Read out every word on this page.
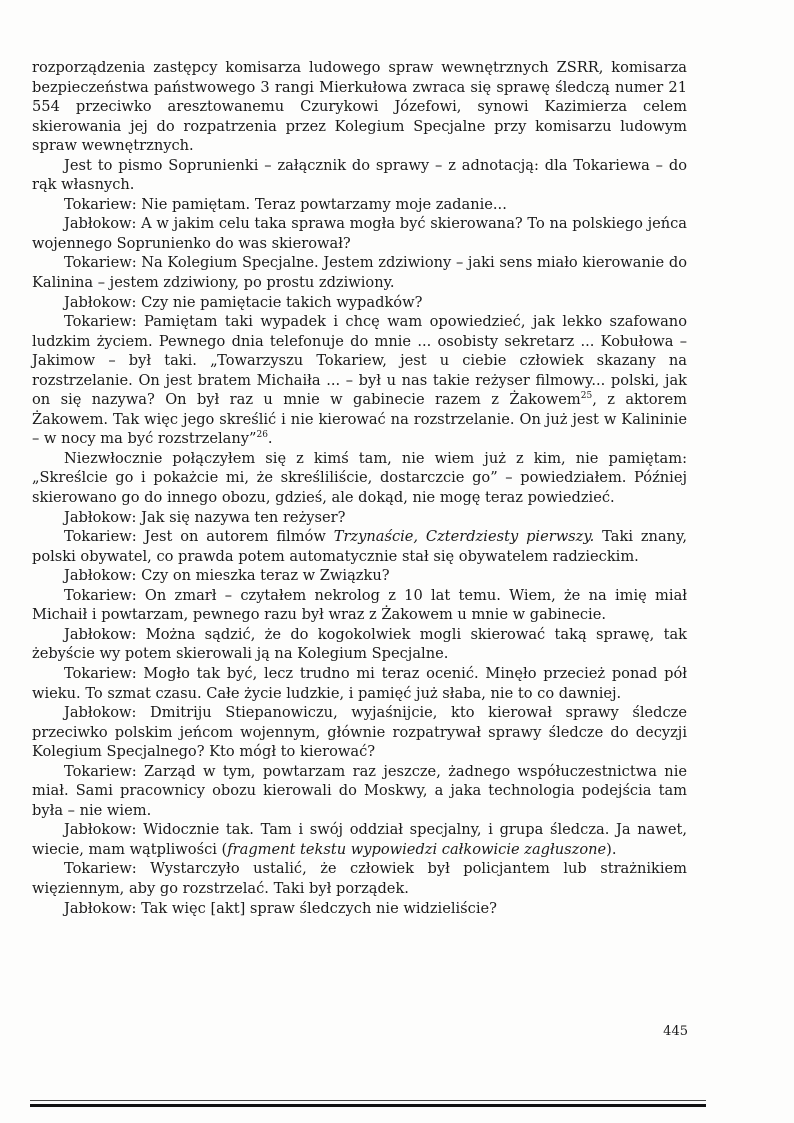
rozporządzenia zastępcy komisarza ludowego spraw wewnętrznych ZSRR, komisarza bezpieczeństwa państwowego 3 rangi Mierkułowa zwraca się sprawę śledczą numer 21 554 przeciwko aresztowanemu Czurykowi Józefowi, synowi Kazimierza celem skierowania jej do rozpatrzenia przez Kolegium Specjalne przy komisarzu ludowym spraw wewnętrznych.

Jest to pismo Soprunienki – załącznik do sprawy – z adnotacją: dla Tokariewa – do rąk własnych.

Tokariew: Nie pamiętam. Teraz powtarzamy moje zadanie...

Jabłokow: A w jakim celu taka sprawa mogła być skierowana? To na polskiego jeńca wojennego Soprunienko do was skierował?

Tokariew: Na Kolegium Specjalne. Jestem zdziwiony – jaki sens miało kierowanie do Kalinina – jestem zdziwiony, po prostu zdziwiony.

Jabłokow: Czy nie pamiętacie takich wypadków?

Tokariew: Pamiętam taki wypadek i chcę wam opowiedzieć, jak lekko szafowano ludzkim życiem. Pewnego dnia telefonuje do mnie ... osobisty sekretarz ... Kobułowa – Jakimow – był taki. „Towarzyszu Tokariew, jest u ciebie człowiek skazany na rozstrzelanie. On jest bratem Michaiła ... – był u nas takie reżyser filmowy... polski, jak on się nazywa? On był raz u mnie w gabinecie razem z Żakowem$^{25}$, z aktorem Żakowem. Tak więc jego skreślić i nie kierować na rozstrzelanie. On już jest w Kalininie – w nocy ma być rozstrzelany”$^{26}$.

Niezwłocznie połączyłem się z kimś tam, nie wiem już z kim, nie pamiętam: „Skreślcie go i pokażcie mi, że skreśliliście, dostarczcie go” – powiedziałem. Później skierowano go do innego obozu, gdzieś, ale dokąd, nie mogę teraz powiedzieć.

Jabłokow: Jak się nazywa ten reżyser?

Tokariew: Jest on autorem filmów Trzynaście, Czterdziesty pierwszy. Taki znany, polski obywatel, co prawda potem automatycznie stał się obywatelem radzieckim.

Jabłokow: Czy on mieszka teraz w Związku?

Tokariew: On zmarł – czytałem nekrolog z 10 lat temu. Wiem, że na imię miał Michaił i powtarzam, pewnego razu był wraz z Żakowem u mnie w gabinecie.

Jabłokow: Można sądzić, że do kogokolwiek mogli skierować taką sprawę, tak żebyście wy potem skierowali ją na Kolegium Specjalne.

Tokariew: Mogło tak być, lecz trudno mi teraz ocenić. Minęło przecież ponad pół wieku. To szmat czasu. Całe życie ludzkie, i pamięć już słaba, nie to co dawniej.

Jabłokow: Dmitriju Stiepanowiczu, wyjaśnijcie, kto kierował sprawy śledcze przeciwko polskim jeńcom wojennym, głównie rozpatrywał sprawy śledcze do decyzji Kolegium Specjalnego? Kto mógł to kierować?

Tokariew: Zarząd w tym, powtarzam raz jeszcze, żadnego współuczestnictwa nie miał. Sami pracownicy obozu kierowali do Moskwy, a jaka technologia podejścia tam była – nie wiem.

Jabłokow: Widocznie tak. Tam i swój oddział specjalny, i grupa śledcza. Ja nawet, wiecie, mam wątpliwości (fragment tekstu wypowiedzi całkowicie zagłuszone).

Tokariew: Wystarczyło ustalić, że człowiek był policjantem lub strażnikiem więziennym, aby go rozstrzelać. Taki był porządek.

Jabłokow: Tak więc [akt] spraw śledczych nie widzieliście?

445
